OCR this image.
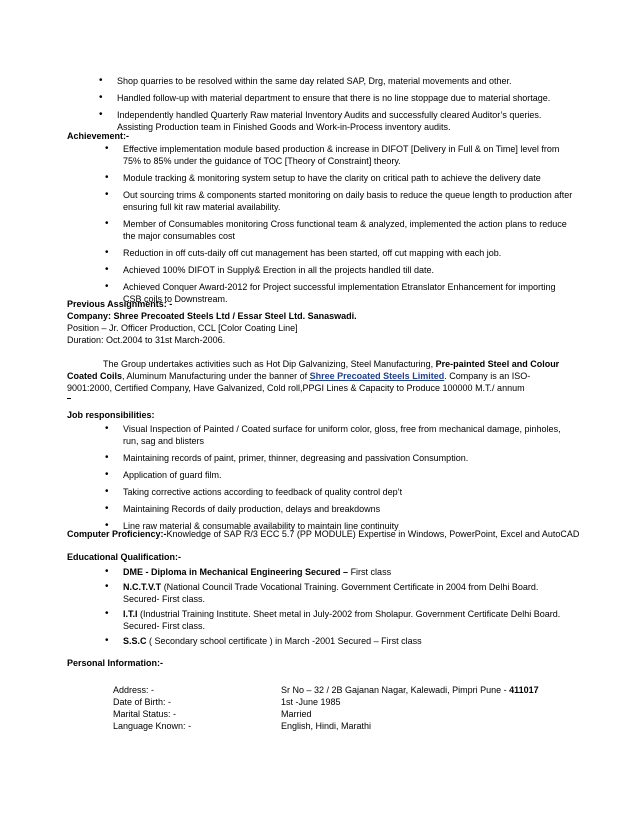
• Shop quarries to be resolved within the same day related SAP, Drg, material movements and other.
• Handled follow-up with material department to ensure that there is no line stoppage due to material shortage.
• Independently handled Quarterly Raw material Inventory Audits and successfully cleared Auditor’s queries. Assisting Production team in Finished Goods and Work-in-Process inventory audits.
Achievement:-
• Effective implementation module based production & increase in DIFOT [Delivery in Full & on Time] level from 75% to 85% under the guidance of TOC [Theory of Constraint] theory.
• Module tracking & monitoring system setup to have the clarity on critical path to achieve the delivery date
• Out sourcing trims & components started monitoring on daily basis to reduce the queue length to production after ensuring full kit raw material availability.
• Member of Consumables monitoring Cross functional team & analyzed, implemented the action plans to reduce the major consumables cost
• Reduction in off cuts-daily off cut management has been started, off cut mapping with each job.
• Achieved 100% DIFOT in Supply& Erection in all the projects handled till date.
• Achieved Conquer Award-2012 for Project successful implementation Etranslator Enhancement for importing CSB coils to Downstream.
Previous Assignments: -
Company: Shree Precoated Steels Ltd / Essar Steel Ltd. Sanaswadi.
Position – Jr. Officer Production, CCL [Color Coating Line]
Duration: Oct.2004 to 31st March-2006.

The Group undertakes activities such as Hot Dip Galvanizing, Steel Manufacturing, Pre-painted Steel and Colour Coated Coils, Aluminum Manufacturing under the banner of Shree Precoated Steels Limited. Company is an ISO-9001:2000, Certified Company, Have Galvanized, Cold roll,PPGI Lines & Capacity to Produce 100000 M.T./ annum

Job responsibilities:
• Visual Inspection of Painted / Coated surface for uniform color, gloss, free from mechanical damage, pinholes, run, sag and blisters
• Maintaining records of paint, primer, thinner, degreasing and passivation Consumption.
• Application of guard film.
• Taking corrective actions according to feedback of quality control dep’t
• Maintaining Records of daily production, delays and breakdowns
• Line raw material & consumable availability to maintain line continuity
Computer Proficiency:-Knowledge of SAP R/3 ECC 5.7 (PP MODULE) Expertise in Windows, PowerPoint, Excel and AutoCAD
Educational Qualification:-
• DME - Diploma in Mechanical Engineering Secured – First class
• N.C.T.V.T (National Council Trade Vocational Training. Government Certificate in 2004 from Delhi Board. Secured- First class.
• I.T.I (Industrial Training Institute. Sheet metal in July-2002 from Sholapur. Government Certificate Delhi Board. Secured- First class.
• S.S.C ( Secondary school certificate ) in March -2001 Secured – First class
Personal Information:-
Address: -	Sr No – 32 / 2B Gajanan Nagar, Kalewadi, Pimpri Pune - 411017
Date of Birth: -	1st -June 1985
Marital Status: -	Married
Language Known: -	English, Hindi, Marathi
